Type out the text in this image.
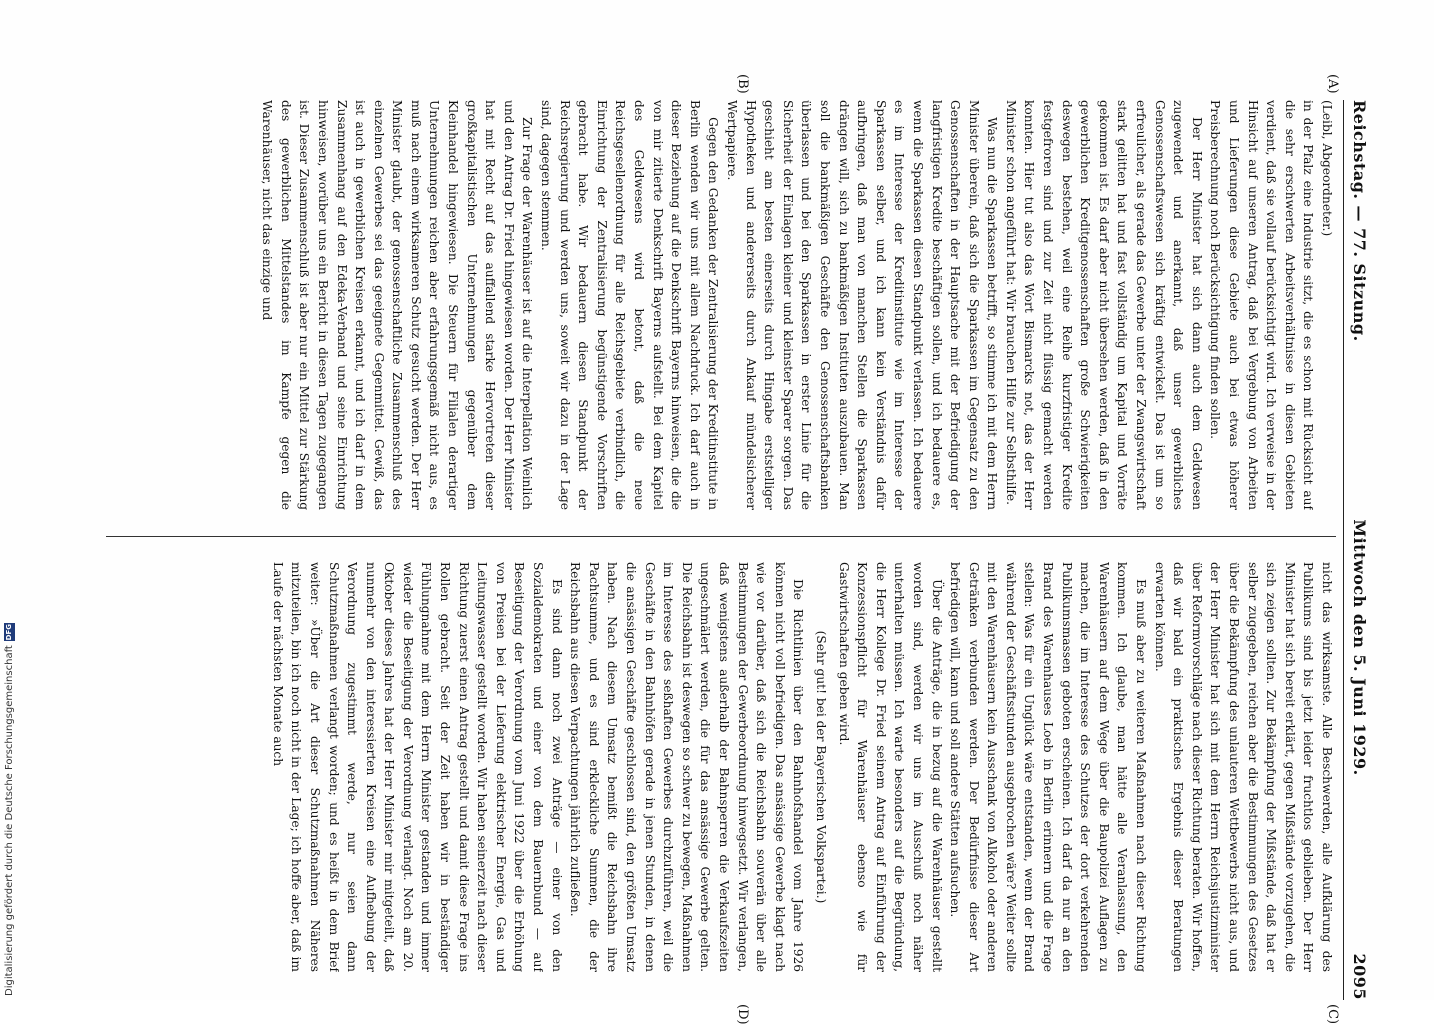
Reichstag. — 77. Sitzung.
Mittwoch den 5. Juni 1929.
2095

(Leibl, Abgeordneter.)

in der Pfalz eine Industrie sitzt, die es schon mit Rücksicht auf die sehr erschwerten Arbeitsverhältnisse in diesen Gebieten verdient, daß sie vollauf berücksichtigt wird. Ich verweise in der Hinsicht auf unseren Antrag, daß bei Vergebung von Arbeiten und Lieferungen diese Gebiete auch bei etwas höherer Preisberechnung noch Berücksichtigung finden sollen.

Der Herr Minister hat sich dann auch dem Geldwesen zugewendet und anerkannt, daß unser gewerbliches Genossenschaftswesen sich kräftig entwickelt. Das ist um so erfreulicher, als gerade das Gewerbe unter der Zwangswirtschaft stark gelitten hat und fast vollständig um Kapital und Vorräte gekommen ist. Es darf aber nicht übersehen werden, daß in den gewerblichen Kreditgenossenschaften große Schwierigkeiten deswegen bestehen, weil eine Reihe kurzfristiger Kredite festgefroren sind und zur Zeit nicht flüssig gemacht werden konnten. Hier tut also das Wort Bismarcks not, das der Herr Minister schon angeführt hat: Wir brauchen Hilfe zur Selbsthilfe.

Was nun die Sparkassen betrifft, so stimme ich mit dem Herrn Minister überein, daß sich die Sparkassen im Gegensatz zu den Genossenschaften in der Hauptsache mit der Befriedigung der langfristigen Kredite beschäftigen sollen, und ich bedauere es, wenn die Sparkassen diesen Standpunkt verlassen. Ich bedauere es im Interesse der Kreditinstitute wie im Interesse der Sparkassen selber, und ich kann kein Verständnis dafür aufbringen, daß man von manchen Stellen die Sparkassen drängen will, sich zu bankmäßigen Instituten auszubauen. Man soll die bankmäßigen Geschäfte den Genossenschaftsbanken überlassen und bei den Sparkassen in erster Linie für die Sicherheit der Einlagen kleiner und kleinster Sparer sorgen. Das geschieht am besten einerseits durch Hingabe erststelliger Hypotheken und andererseits durch Ankauf mündelsicherer Wertpapiere.

Gegen den Gedanken der Zentralisierung der Kreditinstitute in Berlin wenden wir uns mit allem Nachdruck. Ich darf auch in dieser Beziehung auf die Denkschrift Bayerns hinweisen, die die von mir zitierte Denkschrift Bayerns aufstellt. Bei dem Kapitel des Geldwesens wird betont, daß die neue Reichsgesellenordnung für alle Reichsgebiete verbindlich, die Einrichtung der Zentralisierung begünstigende Vorschriften gebracht habe. Wir bedauern diesen Standpunkt der Reichsregierung und werden uns, soweit wir dazu in der Lage sind, dagegen stemmen.

Zur Frage der Warenhäuser ist auf die Interpellation Weinlich und den Antrag Dr. Fried hingewiesen worden. Der Herr Minister hat mit Recht auf das auffallend starke Hervortreten dieser großkapitalistischen Unternehmungen gegenüber dem Kleinhandel hingewiesen. Die Steuern für Filialen derartiger Unternehmungen reichen aber erfahrungsgemäß nicht aus, es muß nach einem wirksameren Schutz gesucht werden. Der Herr Minister glaubt, der genossenschaftliche Zusammenschluß des einzelnen Gewerbes sei das geeignete Gegenmittel. Gewiß, das ist auch in gewerblichen Kreisen erkannt, und ich darf in dem Zusammenhang auf den Edeka-Verband und seine Einrichtung hinweisen, worüber uns ein Bericht in diesen Tagen zugegangen ist. Dieser Zusammenschluß ist aber nur ein Mittel zur Stärkung des gewerblichen Mittelstandes im Kampfe gegen die Warenhäuser, nicht das einzige und

nicht das wirksamste. Alle Beschwerden, alle Aufklärung des Publikums sind bis jetzt leider fruchtlos geblieben. Der Herr Minister hat sich bereit erklärt, gegen Mißstände vorzugehen, die sich zeigen sollten. Zur Bekämpfung der Mißstände, daß hat er selber zugegeben, reichen aber die Bestimmungen des Gesetzes über die Bekämpfung des unlauteren Wettbewerbs nicht aus, und der Herr Minister hat sich mit dem Herrn Reichsjustizminister über Reformvorschläge nach dieser Richtung beraten. Wir hoffen, daß wir bald ein praktisches Ergebnis dieser Beratungen erwarten können.

Es muß aber zu weiteren Maßnahmen nach dieser Richtung kommen. Ich glaube, man hätte alle Veranlassung, den Warenhäusern auf dem Wege über die Baupolizei Auflagen zu machen, die im Interesse des Schutzes der dort verkehrenden Publikumsmassen geboten erscheinen. Ich darf da nur an den Brand des Warenhauses Loeb in Berlin erinnern und die Frage stellen: Was für ein Unglück wäre entstanden, wenn der Brand während der Geschäftsstunden ausgebrochen wäre? Weiter sollte mit den Warenhäusern kein Ausschank von Alkohol oder anderen Getränken verbunden werden. Der Bedürfnisse dieser Art befriedigen will, kann und soll andere Stätten aufsuchen.

Über die Anträge, die in bezug auf die Warenhäuser gestellt worden sind, werden wir uns im Ausschuß noch näher unterhalten müssen. Ich warte besonders auf die Begründung, die Herr Kollege Dr. Fried seinem Antrag auf Einführung der Konzessionspflicht für Warenhäuser ebenso wie für Gastwirtschaften geben wird.

(Sehr gut! bei der Bayerischen Volkspartei.)

Die Richtlinien über den Bahnhofshandel vom Jahre 1926 können nicht voll befriedigen. Das ansässige Gewerbe klagt nach wie vor darüber, daß sich die Reichsbahn souverän über alle Bestimmungen der Gewerbeordnung hinwegsetzt. Wir verlangen, daß wenigstens außerhalb der Bahnsperren die Verkaufszeiten ungeschmälert werden, die für das ansässige Gewerbe gelten. Die Reichsbahn ist deswegen so schwer zu bewegen, Maßnahmen im Interesse des seßhaften Gewerbes durchzuführen, weil die Geschäfte in den Bahnhöfen gerade in jenen Stunden, in denen die ansässigen Geschäfte geschlossen sind, den größten Umsatz haben. Nach diesem Umsatz bemißt die Reichsbahn ihre Pachtsumme, und es sind erkleckliche Summen, die der Reichsbahn aus diesen Verpachtungen jährlich zufließen.

Es sind dann noch zwei Anträge — einer von den Sozialdemokraten und einer von dem Bauernbund — auf Beseitigung der Verordnung vom Juni 1922 über die Erhöhung von Preisen bei der Lieferung elektrischer Energie, Gas und Leitungswasser gestellt worden. Wir haben seinerzeit nach dieser Richtung zuerst einen Antrag gestellt und damit diese Frage ins Rollen gebracht. Seit der Zeit haben wir in beständiger Fühlungnahme mit dem Herrn Minister gestanden und immer wieder die Beseitigung der Verordnung verlangt. Noch am 20. Oktober dieses Jahres hat der Herr Minister mir mitgeteilt, daß nunmehr von den interessierten Kreisen eine Aufhebung der Verordnung zugestimmt werde, nur seien dann Schutzmaßnahmen verlangt worden; und es heißt in dem Brief weiter: »Über die Art dieser Schutzmaßnahmen Näheres mitzuteilen, bin ich noch nicht in der Lage; ich hoffe aber, daß im Laufe der nächsten Monate auch

(A)
(B)
(C)
(D)
Digitalisierung gefördert durch die Deutsche Forschungsgemeinschaft
DFG
